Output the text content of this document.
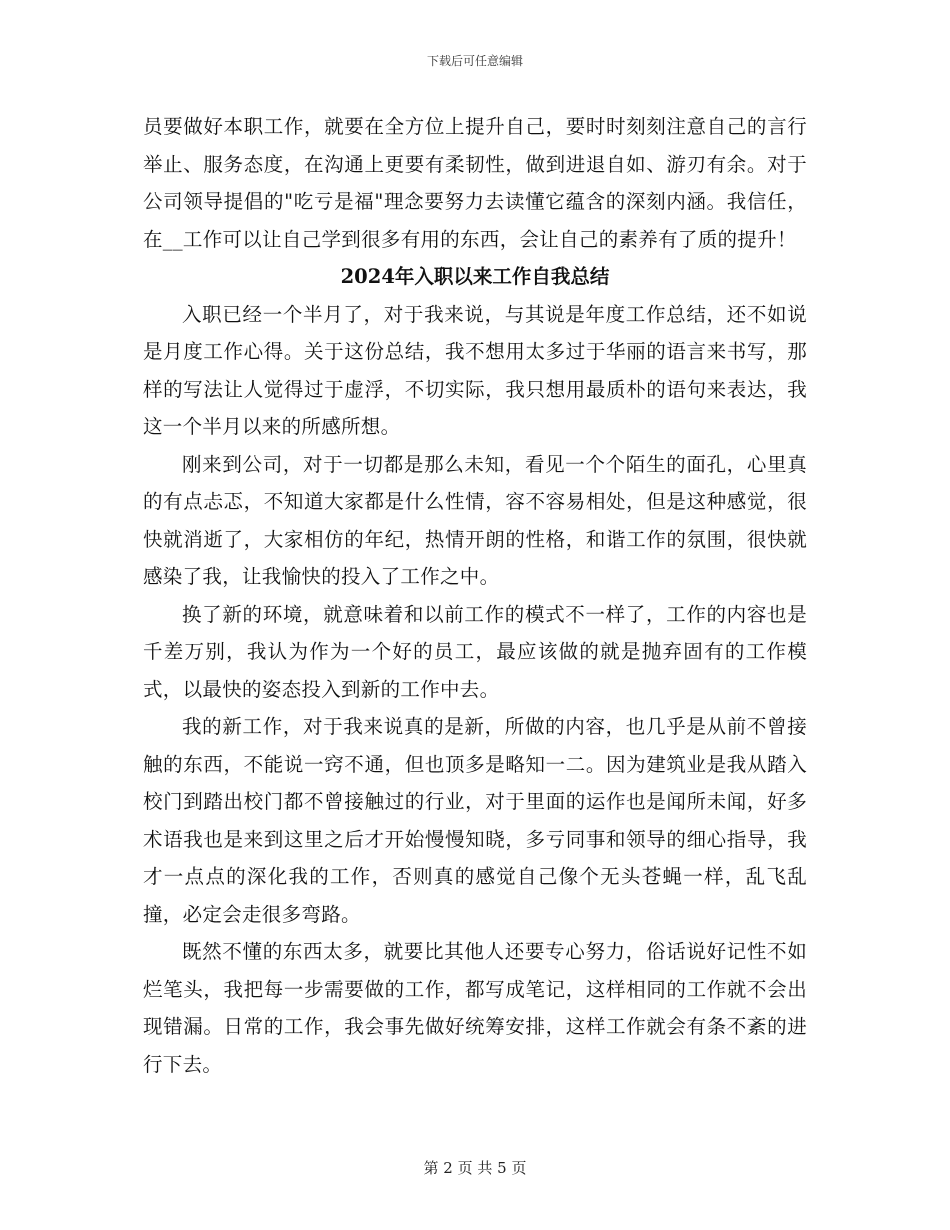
下载后可任意编辑

员要做好本职工作，就要在全方位上提升自己，要时时刻刻注意自己的言行举止、服务态度，在沟通上更要有柔韧性，做到进退自如、游刃有余。对于公司领导提倡的"吃亏是福"理念要努力去读懂它蕴含的深刻内涵。我信任，在__工作可以让自己学到很多有用的东西，会让自己的素养有了质的提升！

2024年入职以来工作自我总结

入职已经一个半月了，对于我来说，与其说是年度工作总结，还不如说是月度工作心得。关于这份总结，我不想用太多过于华丽的语言来书写，那样的写法让人觉得过于虚浮，不切实际，我只想用最质朴的语句来表达，我这一个半月以来的所感所想。

刚来到公司，对于一切都是那么未知，看见一个个陌生的面孔，心里真的有点忐忑，不知道大家都是什么性情，容不容易相处，但是这种感觉，很快就消逝了，大家相仿的年纪，热情开朗的性格，和谐工作的氛围，很快就感染了我，让我愉快的投入了工作之中。

换了新的环境，就意味着和以前工作的模式不一样了，工作的内容也是千差万别，我认为作为一个好的员工，最应该做的就是抛弃固有的工作模式，以最快的姿态投入到新的工作中去。

我的新工作，对于我来说真的是新，所做的内容，也几乎是从前不曾接触的东西，不能说一窍不通，但也顶多是略知一二。因为建筑业是我从踏入校门到踏出校门都不曾接触过的行业，对于里面的运作也是闻所未闻，好多术语我也是来到这里之后才开始慢慢知晓，多亏同事和领导的细心指导，我才一点点的深化我的工作，否则真的感觉自己像个无头苍蝇一样，乱飞乱撞，必定会走很多弯路。

既然不懂的东西太多，就要比其他人还要专心努力，俗话说好记性不如烂笔头，我把每一步需要做的工作，都写成笔记，这样相同的工作就不会出现错漏。日常的工作，我会事先做好统筹安排，这样工作就会有条不紊的进行下去。

第 2 页 共 5 页
